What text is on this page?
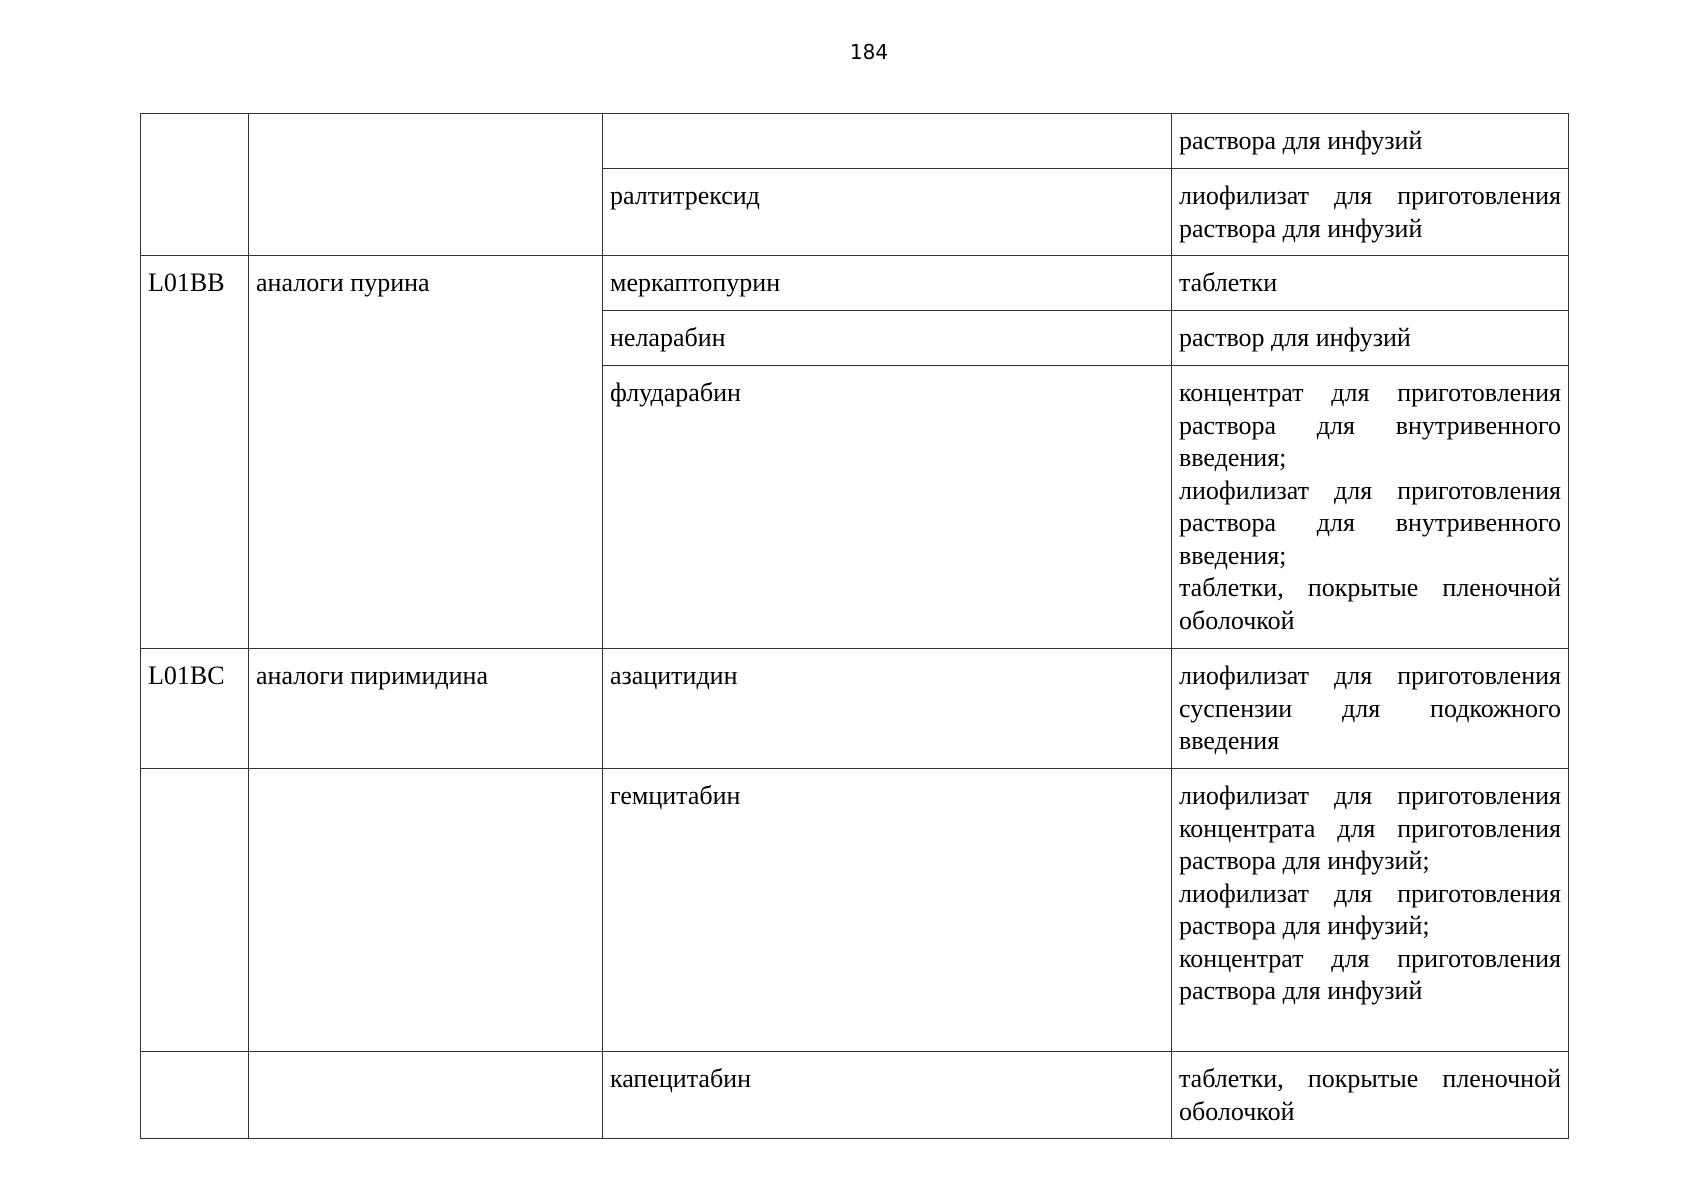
184

			раствора для инфузий

		ралтитрексид	лиофилизат для приготовления раствора для инфузий

L01BB	аналоги пурина	меркаптопурин	таблетки

		неларабин	раствор для инфузий

		флударабин	концентрат для приготовления раствора для внутривенного введения;
лиофилизат для приготовления раствора для внутривенного введения;
таблетки, покрытые пленочной оболочкой

L01BC	аналоги пиримидина	азацитидин	лиофилизат для приготовления суспензии для подкожного введения

		гемцитабин	лиофилизат для приготовления концентрата для приготовления раствора для инфузий;
лиофилизат для приготовления раствора для инфузий;
концентрат для приготовления раствора для инфузий

		капецитабин	таблетки, покрытые пленочной оболочкой
